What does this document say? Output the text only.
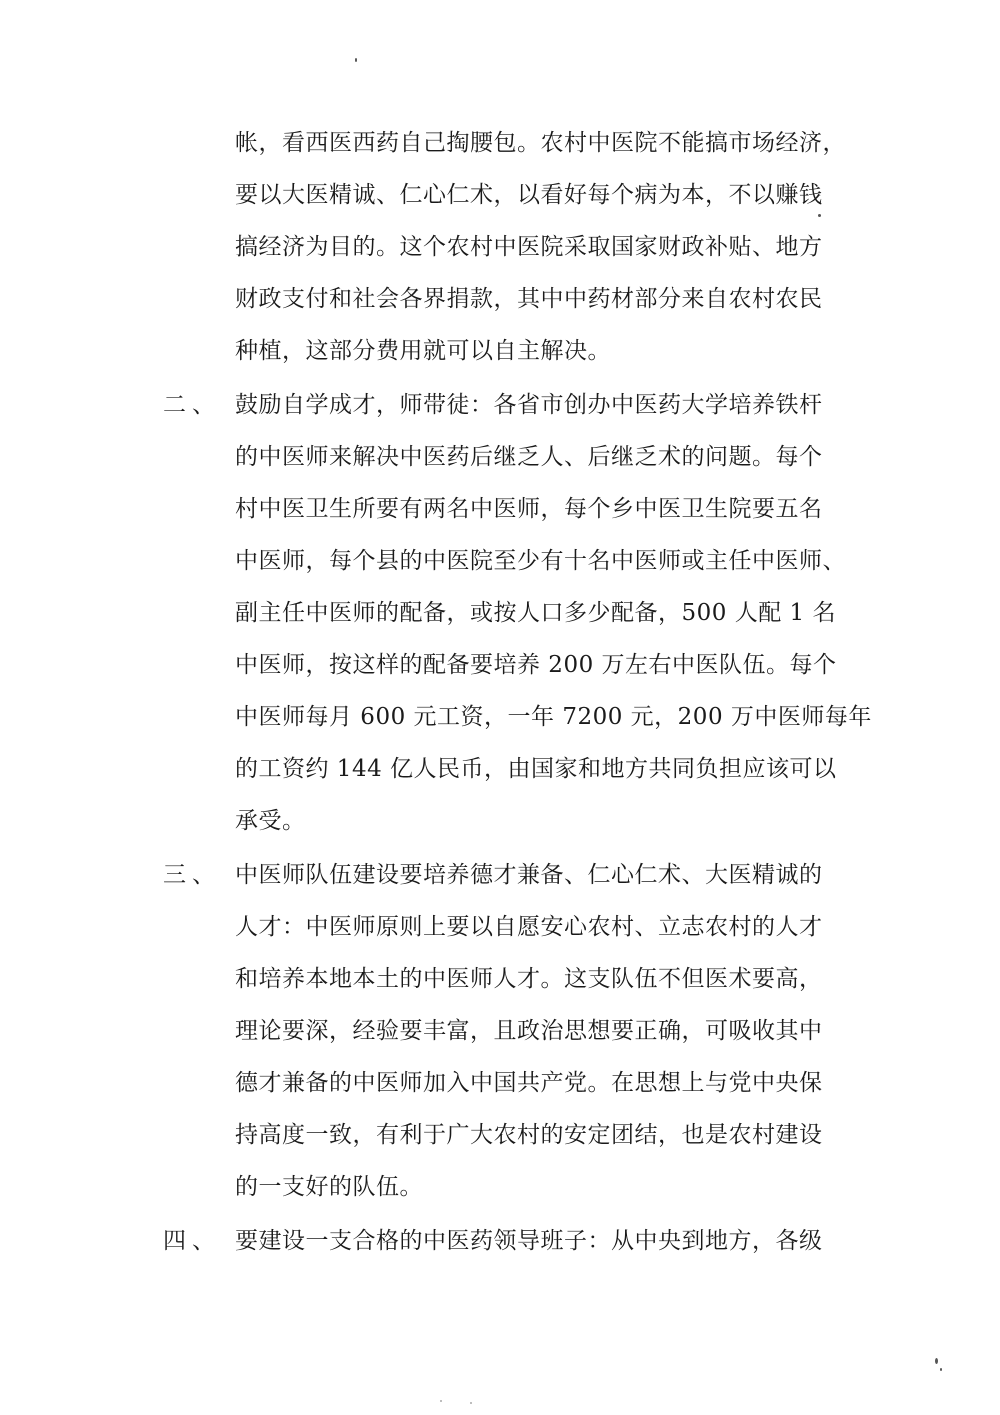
帐，看西医西药自己掏腰包。农村中医院不能搞市场经济，
要以大医精诚、仁心仁术，以看好每个病为本，不以赚钱
搞经济为目的。这个农村中医院采取国家财政补贴、地方
财政支付和社会各界捐款，其中中药材部分来自农村农民
种植，这部分费用就可以自主解决。
二、 鼓励自学成才，师带徒：各省市创办中医药大学培养铁杆
的中医师来解决中医药后继乏人、后继乏术的问题。每个
村中医卫生所要有两名中医师，每个乡中医卫生院要五名
中医师，每个县的中医院至少有十名中医师或主任中医师、
副主任中医师的配备，或按人口多少配备，500 人配 1 名
中医师，按这样的配备要培养 200 万左右中医队伍。每个
中医师每月 600 元工资，一年 7200 元，200 万中医师每年
的工资约 144 亿人民币，由国家和地方共同负担应该可以
承受。
三、 中医师队伍建设要培养德才兼备、仁心仁术、大医精诚的
人才：中医师原则上要以自愿安心农村、立志农村的人才
和培养本地本土的中医师人才。这支队伍不但医术要高，
理论要深，经验要丰富，且政治思想要正确，可吸收其中
德才兼备的中医师加入中国共产党。在思想上与党中央保
持高度一致，有利于广大农村的安定团结，也是农村建设
的一支好的队伍。
四、 要建设一支合格的中医药领导班子：从中央到地方，各级
